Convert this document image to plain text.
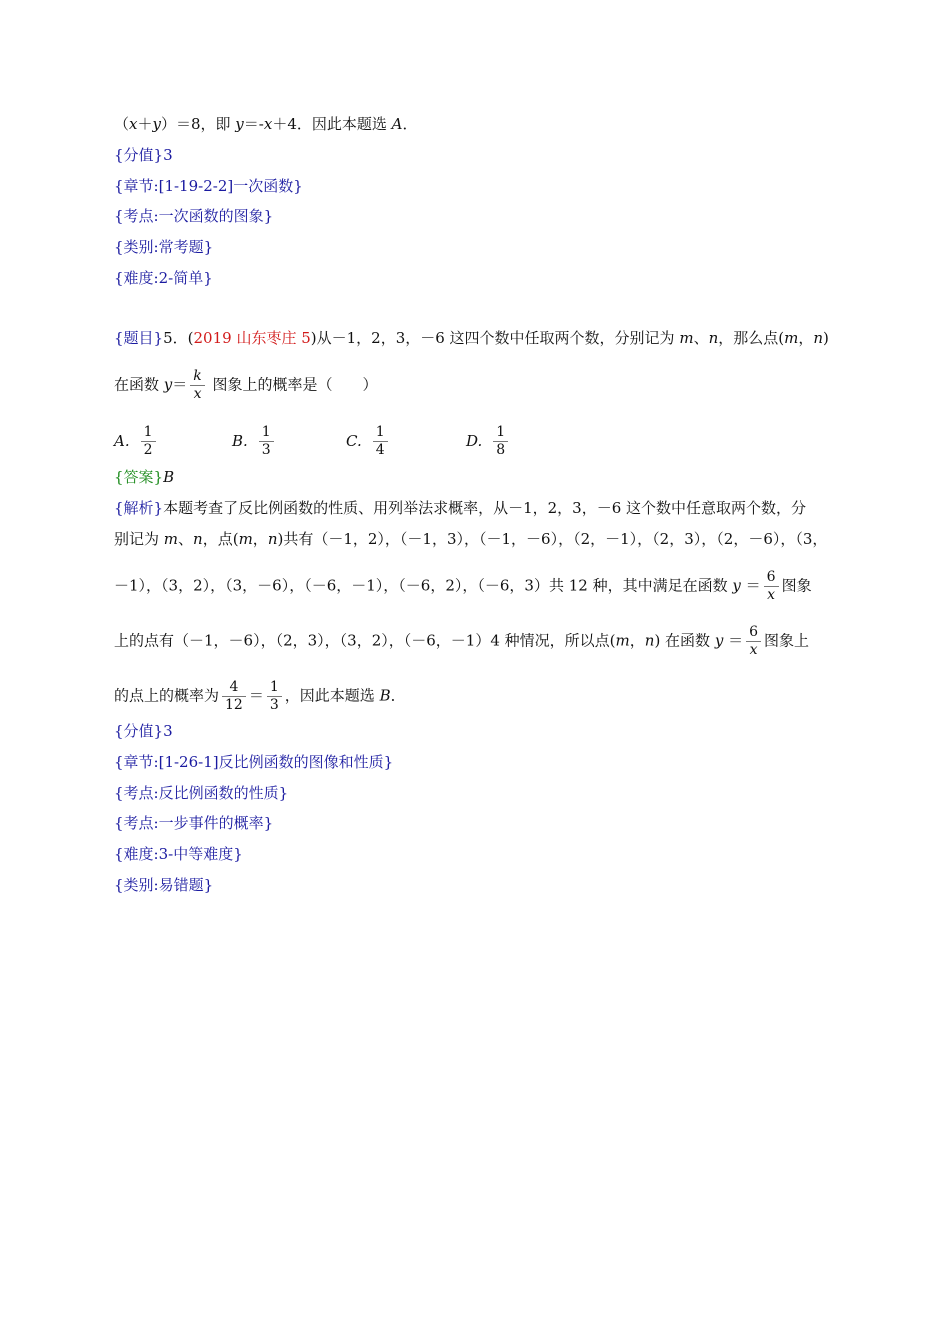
（x＋y）＝8，即 y＝-x＋4．因此本题选 A．
{分值}3
{章节:[1-19-2-2]一次函数}
{考点:一次函数的图象}
{类别:常考题}
{难度:2-简单}
{题目}5．(2019 山东枣庄 5)从－1，2，3，－6 这四个数中任取两个数，分别记为 m、n，那么点(m，n)
在函数 $y= \frac{k}{x}$ 图象上的概率是（　　）
A. $\frac{1}{2}$	B. $\frac{1}{3}$	C. $\frac{1}{4}$	D. $\frac{1}{8}$
{答案}B
{解析}本题考查了反比例函数的性质、用列举法求概率，从－1，2，3，－6 这个数中任意取两个数，分
别记为 m、n，点(m，n)共有（－1，2），（－1，3），（－1，－6），（2，－1），（2，3），（2，－6），（3，
－1），（3，2），（3，－6），（－6，－1），（－6，2），（－6，3）共 12 种，其中满足在函数 $y = \frac{6}{x}$ 图象
上的点有（－1，－6），（2，3），（3，2），（－6，－1）4 种情况，所以点(m，n) 在函数 $y = \frac{6}{x}$ 图象上
的点上的概率为 $\frac{4}{12} = \frac{1}{3}$ ，因此本题选 B．
{分值}3
{章节:[1-26-1]反比例函数的图像和性质}
{考点:反比例函数的性质}
{考点:一步事件的概率}
{难度:3-中等难度}
{类别:易错题}
